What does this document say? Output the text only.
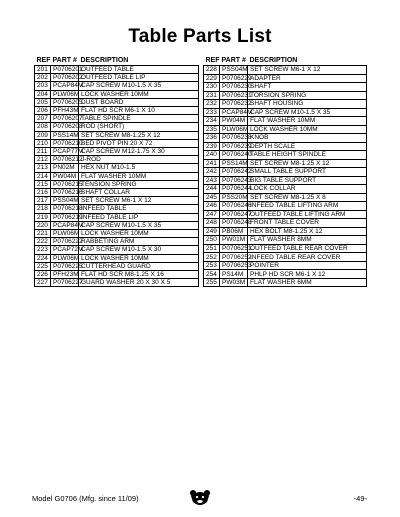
Table Parts List
REF	PART #	DESCRIPTION
201	P0706201	OUTFEED TABLE
202	P0706202	OUTFEED TABLE LIP
203	PCAP84M	CAP SCREW M10-1.5 X 35
204	PLW06M	LOCK WASHER 10MM
205	P0706205	DUST BOARD
206	PFH43M	FLAT HD SCR M6-1 X 10
207	P0706207	TABLE SPINDLE
208	P0706208	ROD (SHORT)
209	PSS14M	SET SCREW M8-1.25 X 12
210	P0706210	BED PIVOT PIN 20 X 72
211	PCAP77M	CAP SCREW M12-1.75 X 30
212	P0706212	J-ROD
213	PN02M	HEX NUT M10-1.5
214	PW04M	FLAT WASHER 10MM
215	P0706215	TENSION SPRING
216	P0706216	SHAFT COLLAR
217	PSS04M	SET SCREW M6-1 X 12
218	P0706218	INFEED TABLE
219	P0706219	INFEED TABLE LIP
220	PCAP84M	CAP SCREW M10-1.5 X 35
221	PLW06M	LOCK WASHER 10MM
222	P0706222	RABBETING ARM
223	PCAP72M	CAP SCREW M10-1.5 X 30
224	PLW06M	LOCK WASHER 10MM
225	P0706225	CUTTERHEAD GUARD
226	PFH23M	FLAT HD SCR M8-1.25 X 16
227	P0706227	GUARD WASHER 20 X 30 X 5
REF	PART #	DESCRIPTION
228	PSS04M	SET SCREW M6-1 X 12
229	P0706229	ADAPTER
230	P0706230	SHAFT
231	P0706231	TORSION SPRING
232	P0706232	SHAFT HOUSING
233	PCAP84M	CAP SCREW M10-1.5 X 35
234	PW04M	FLAT WASHER 10MM
235	PLW06M	LOCK WASHER 10MM
236	P0706238	KNOB
239	P0706239	DEPTH SCALE
240	P0706240	TABLE HEIGHT SPINDLE
241	PSS14M	SET SCREW M8-1.25 X 12
242	P0706242	SMALL TABLE SUPPORT
243	P0706243	BIG TABLE SUPPORT
244	P0706244	LOCK COLLAR
245	PSS20M	SET SCREW M8-1.25 X 8
246	P0706246	INFEED TABLE LIFTING ARM
247	P0706247	OUTFEED TABLE LIFTING ARM
248	P0706248	FRONT TABLE COVER
249	PB06M	HEX BOLT M8-1.25 X 12
250	PW01M	FLAT WASHER 8MM
251	P0706251	OUTFEED TABLE REAR COVER
252	P0706252	INFEED TABLE REAR COVER
253	P0706253	POINTER
254	PS14M	PHLP HD SCR M6-1 X 12
255	PW03M	FLAT WASHER 6MM
Model G0706 (Mfg. since 11/09)	-49-
